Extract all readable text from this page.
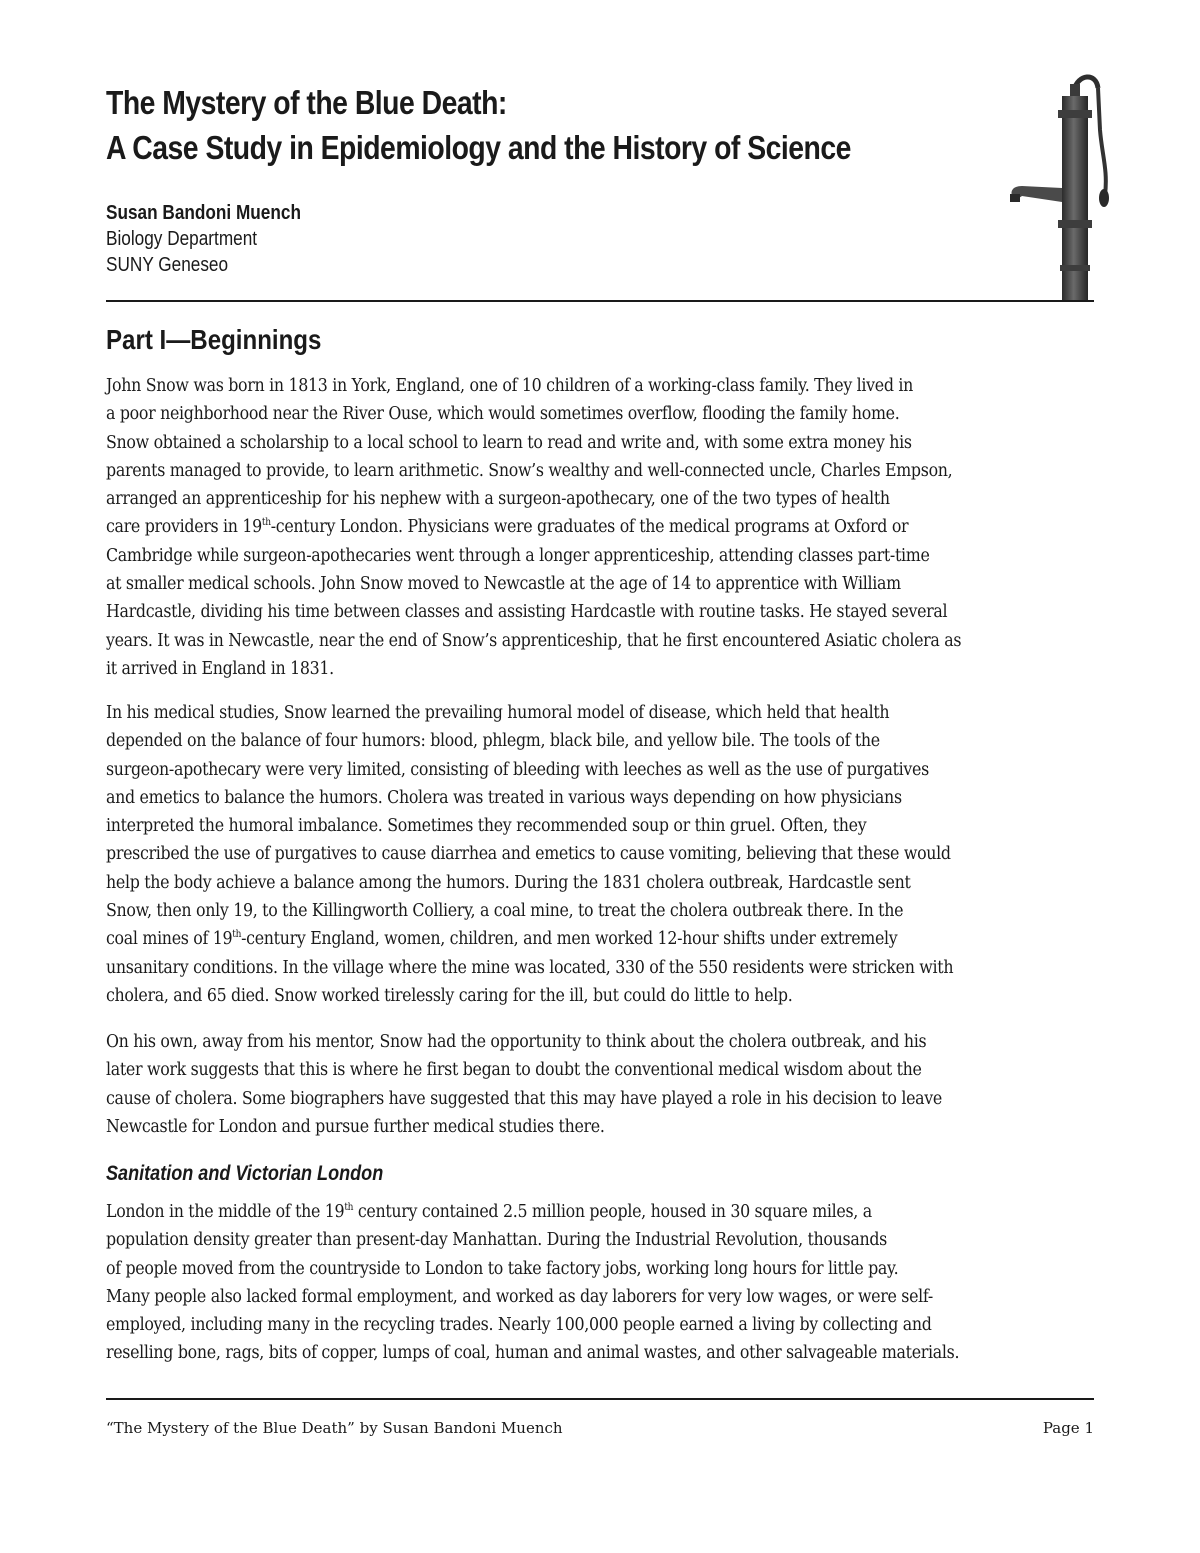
The Mystery of the Blue Death:
A Case Study in Epidemiology and the History of Science
Susan Bandoni Muench
Biology Department
SUNY Geneseo
Part I—Beginnings
John Snow was born in 1813 in York, England, one of 10 children of a working-class family. They lived in
a poor neighborhood near the River Ouse, which would sometimes overflow, flooding the family home.
Snow obtained a scholarship to a local school to learn to read and write and, with some extra money his
parents managed to provide, to learn arithmetic. Snow’s wealthy and well-connected uncle, Charles Empson,
arranged an apprenticeship for his nephew with a surgeon-apothecary, one of the two types of health
care providers in 19th-century London. Physicians were graduates of the medical programs at Oxford or
Cambridge while surgeon-apothecaries went through a longer apprenticeship, attending classes part-time
at smaller medical schools. John Snow moved to Newcastle at the age of 14 to apprentice with William
Hardcastle, dividing his time between classes and assisting Hardcastle with routine tasks. He stayed several
years. It was in Newcastle, near the end of Snow’s apprenticeship, that he first encountered Asiatic cholera as
it arrived in England in 1831.
In his medical studies, Snow learned the prevailing humoral model of disease, which held that health
depended on the balance of four humors: blood, phlegm, black bile, and yellow bile. The tools of the
surgeon-apothecary were very limited, consisting of bleeding with leeches as well as the use of purgatives
and emetics to balance the humors. Cholera was treated in various ways depending on how physicians
interpreted the humoral imbalance. Sometimes they recommended soup or thin gruel. Often, they
prescribed the use of purgatives to cause diarrhea and emetics to cause vomiting, believing that these would
help the body achieve a balance among the humors. During the 1831 cholera outbreak, Hardcastle sent
Snow, then only 19, to the Killingworth Colliery, a coal mine, to treat the cholera outbreak there. In the
coal mines of 19th-century England, women, children, and men worked 12-hour shifts under extremely
unsanitary conditions. In the village where the mine was located, 330 of the 550 residents were stricken with
cholera, and 65 died. Snow worked tirelessly caring for the ill, but could do little to help.
On his own, away from his mentor, Snow had the opportunity to think about the cholera outbreak, and his
later work suggests that this is where he first began to doubt the conventional medical wisdom about the
cause of cholera. Some biographers have suggested that this may have played a role in his decision to leave
Newcastle for London and pursue further medical studies there.
Sanitation and Victorian London
London in the middle of the 19th century contained 2.5 million people, housed in 30 square miles, a
population density greater than present-day Manhattan. During the Industrial Revolution, thousands
of people moved from the countryside to London to take factory jobs, working long hours for little pay.
Many people also lacked formal employment, and worked as day laborers for very low wages, or were self-
employed, including many in the recycling trades. Nearly 100,000 people earned a living by collecting and
reselling bone, rags, bits of copper, lumps of coal, human and animal wastes, and other salvageable materials.
“The Mystery of the Blue Death” by Susan Bandoni Muench	Page 1
